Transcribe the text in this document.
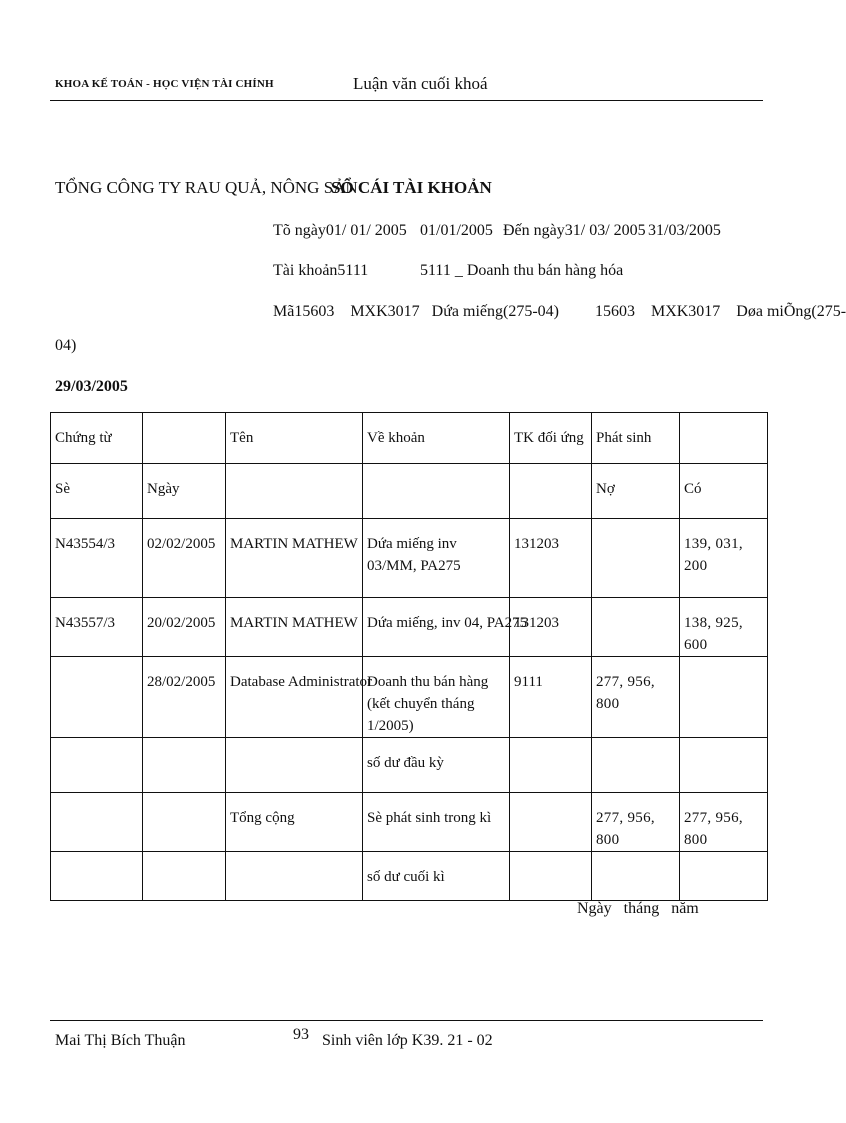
KHOA KẾ TOÁN - HỌC VIỆN TÀI CHÍNH	Luận văn cuối khoá
TỔNG CÔNG TY RAU QUẢ, NÔNG SẢN
SỔ CÁI TÀI KHOẢN
Tõ ngày01/ 01/ 2005 01/01/2005 Đến ngày31/ 03/ 2005 31/03/2005
Tài khoản5111	5111 _ Doanh thu bán hàng hóa
Mã15603    MXK3017   Dứa miếng(275-04)         15603    MXK3017    Døa miÕng(275-
04)
29/03/2005
Chứng từ		Tên	Về khoản	TK đối ứng	Phát sinh	
Sè	Ngày				Nợ	Có
N43554/3	02/02/2005	MARTIN MATHEW	Dứa miếng inv 03/MM, PA275	131203		139, 031, 200
N43557/3	20/02/2005	MARTIN MATHEW	Dứa miếng, inv 04, PA275	131203		138, 925, 600
	28/02/2005	Database Administrator	Doanh thu bán hàng (kết chuyển tháng 1/2005)	9111	277, 956, 800	
			số dư đầu kỳ			
		Tổng cộng	Sè phát sinh trong kì		277, 956, 800	277, 956, 800
			số dư cuối kì			
Ngày tháng năm
Mai Thị Bích Thuận	93 Sinh viên lớp K39. 21 - 02
